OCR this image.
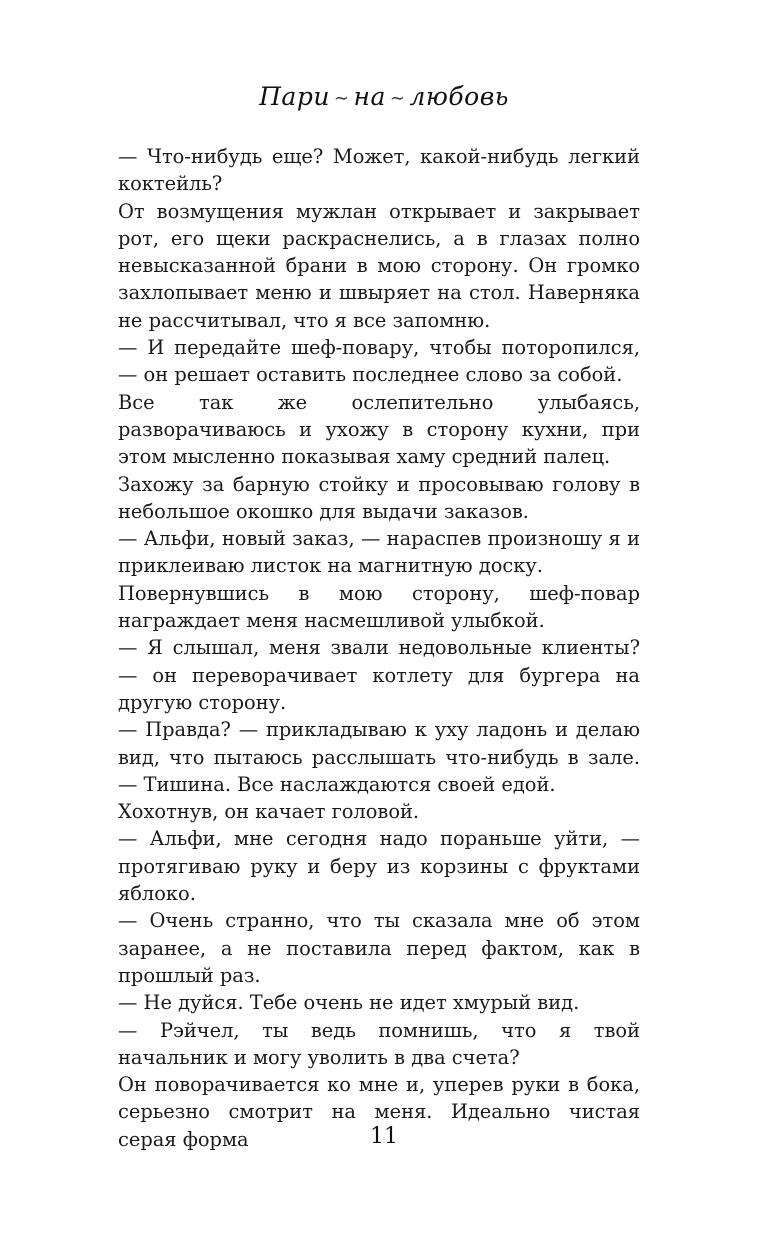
Пари ∼ на ∼ любовь

— Что-нибудь еще? Может, какой-нибудь легкий коктейль?

От возмущения мужлан открывает и закрывает рот, его щеки раскраснелись, а в глазах полно невысказанной брани в мою сторону. Он громко захлопывает меню и швыряет на стол. Наверняка не рассчитывал, что я все запомню.

— И передайте шеф-повару, чтобы поторопился, — он решает оставить последнее слово за собой.

Все так же ослепительно улыбаясь, разворачиваюсь и ухожу в сторону кухни, при этом мысленно показывая хаму средний палец.

Захожу за барную стойку и просовываю голову в небольшое окошко для выдачи заказов.

— Альфи, новый заказ, — нараспев произношу я и приклеиваю листок на магнитную доску.

Повернувшись в мою сторону, шеф-повар награждает меня насмешливой улыбкой.

— Я слышал, меня звали недовольные клиенты? — он переворачивает котлету для бургера на другую сторону.

— Правда? — прикладываю к уху ладонь и делаю вид, что пытаюсь расслышать что-нибудь в зале. — Тишина. Все наслаждаются своей едой.

Хохотнув, он качает головой.

— Альфи, мне сегодня надо пораньше уйти, — протягиваю руку и беру из корзины с фруктами яблоко.

— Очень странно, что ты сказала мне об этом заранее, а не поставила перед фактом, как в прошлый раз.

— Не дуйся. Тебе очень не идет хмурый вид.

— Рэйчел, ты ведь помнишь, что я твой начальник и могу уволить в два счета?

Он поворачивается ко мне и, уперев руки в бока, серьезно смотрит на меня. Идеально чистая серая форма	11
